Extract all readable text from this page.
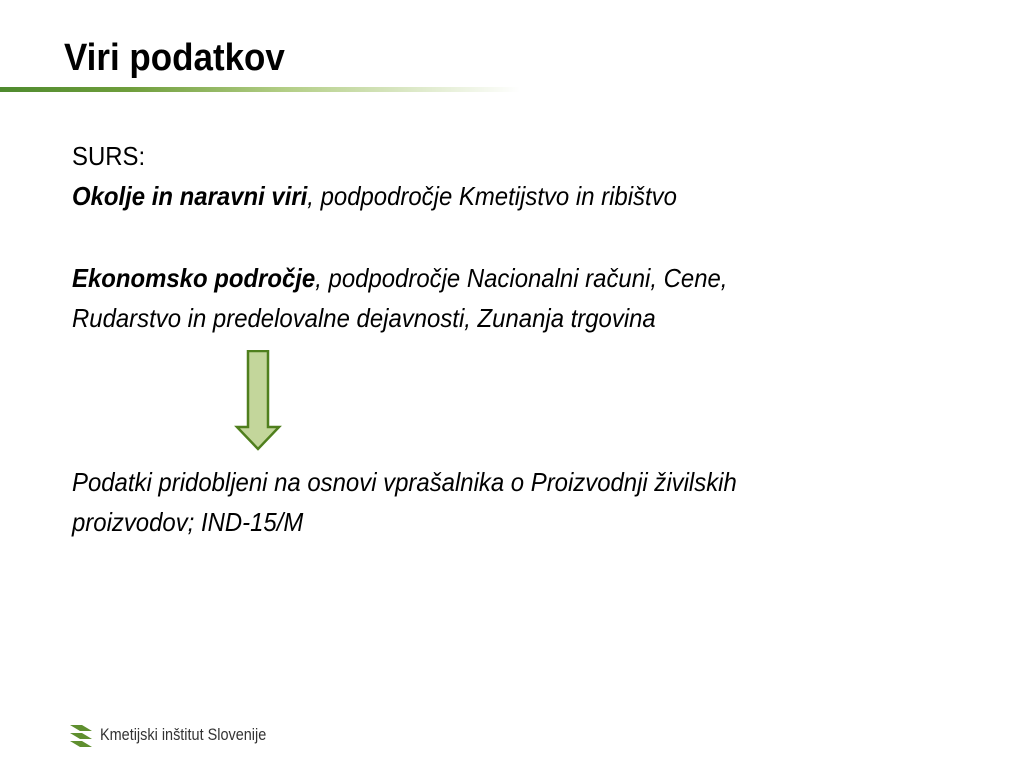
Viri podatkov
SURS:
Okolje in naravni viri, podpodročje Kmetijstvo in ribištvo
Ekonomsko področje, podpodročje Nacionalni računi, Cene,
Rudarstvo in predelovalne dejavnosti, Zunanja trgovina
Podatki pridobljeni na osnovi vprašalnika o Proizvodnji živilskih
proizvodov; IND-15/M
Kmetijski inštitut Slovenije
